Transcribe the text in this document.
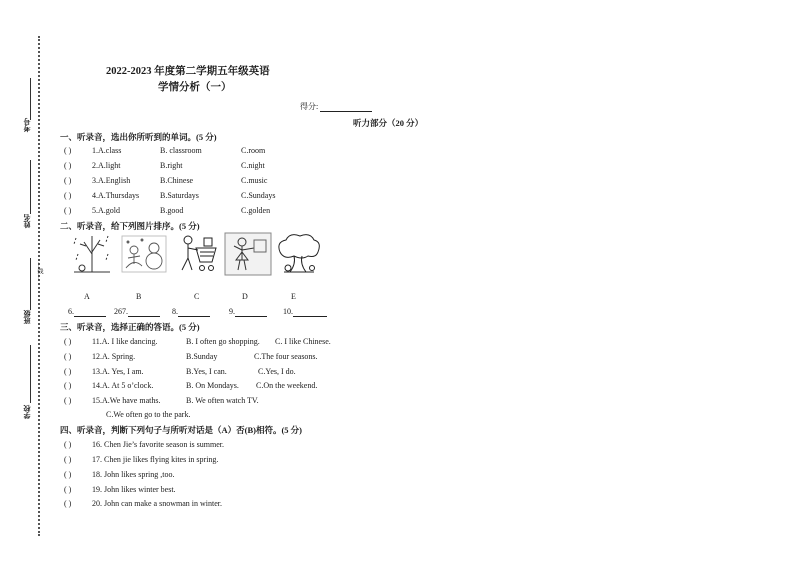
考号
姓名
…线…
班级
学校
2022-2023 年度第二学期五年级英语
学情分析（一）
得分:
听力部分（20 分）
一、听录音，选出你所听到的单词。(5 分)
( )	1.A.class	B. classroom	C.room
( )	2.A.light	B.right	C.night
( )	3.A.English	B.Chinese	C.music
( )	4.A.Thursdays	B.Saturdays	C.Sundays
( )	5.A.gold	B.good	C.golden
二、听录音，给下列图片排序。(5 分)
A	B	C	D	E
6.	267.	8.	9.	10.
三、听录音，选择正确的答语。(5 分)
( )	11.A. I like dancing.	B. I often go shopping. C. I like Chinese.
( )	12.A. Spring.	B.Sunday	C.The four seasons.
( )	13.A. Yes, I am.	B.Yes, I can.	C.Yes, I do.
( )	14.A. At 5 o’clock.	B. On Mondays. C.On the weekend.
( )	15.A.We have maths.	B. We often watch TV.
C.We often go to the park.
四、听录音，判断下列句子与所听对话是（A）否(B)相符。(5 分)
( )	16. Chen Jie’s favorite season is summer.
( )	17. Chen jie likes flying kites in spring.
( )	18. John likes spring ,too.
( )	19. John likes winter best.
( )	20. John can make a snowman in winter.
